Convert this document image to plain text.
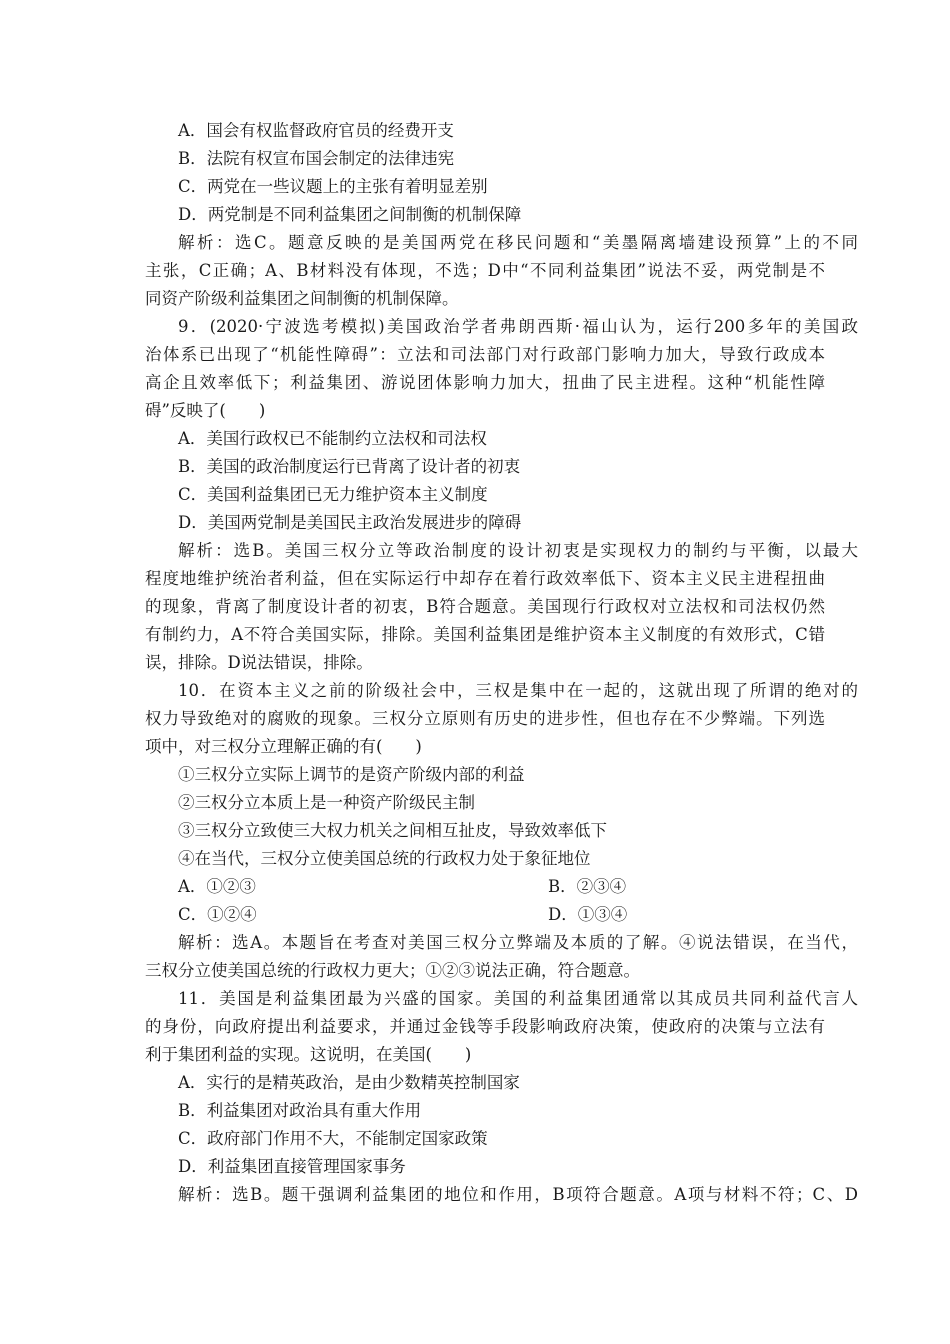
A．国会有权监督政府官员的经费开支
B．法院有权宣布国会制定的法律违宪
C．两党在一些议题上的主张有着明显差别
D．两党制是不同利益集团之间制衡的机制保障
解析：选C。题意反映的是美国两党在移民问题和“美墨隔离墙建设预算”上的不同
主张，C正确；A、B材料没有体现，不选；D中“不同利益集团”说法不妥，两党制是不
同资产阶级利益集团之间制衡的机制保障。
9．(2020·宁波选考模拟)美国政治学者弗朗西斯·福山认为，运行200多年的美国政
治体系已出现了“机能性障碍”：立法和司法部门对行政部门影响力加大，导致行政成本
高企且效率低下；利益集团、游说团体影响力加大，扭曲了民主进程。这种“机能性障
碍”反映了(　　)
A．美国行政权已不能制约立法权和司法权
B．美国的政治制度运行已背离了设计者的初衷
C．美国利益集团已无力维护资本主义制度
D．美国两党制是美国民主政治发展进步的障碍
解析：选B。美国三权分立等政治制度的设计初衷是实现权力的制约与平衡，以最大
程度地维护统治者利益，但在实际运行中却存在着行政效率低下、资本主义民主进程扭曲
的现象，背离了制度设计者的初衷，B符合题意。美国现行行政权对立法权和司法权仍然
有制约力，A不符合美国实际，排除。美国利益集团是维护资本主义制度的有效形式，C错
误，排除。D说法错误，排除。
10．在资本主义之前的阶级社会中，三权是集中在一起的，这就出现了所谓的绝对的
权力导致绝对的腐败的现象。三权分立原则有历史的进步性，但也存在不少弊端。下列选
项中，对三权分立理解正确的有(　　)
①三权分立实际上调节的是资产阶级内部的利益
②三权分立本质上是一种资产阶级民主制
③三权分立致使三大权力机关之间相互扯皮，导致效率低下
④在当代，三权分立使美国总统的行政权力处于象征地位
A．①②③	B．②③④
C．①②④	D．①③④
解析：选A。本题旨在考查对美国三权分立弊端及本质的了解。④说法错误，在当代，
三权分立使美国总统的行政权力更大；①②③说法正确，符合题意。
11．美国是利益集团最为兴盛的国家。美国的利益集团通常以其成员共同利益代言人
的身份，向政府提出利益要求，并通过金钱等手段影响政府决策，使政府的决策与立法有
利于集团利益的实现。这说明，在美国(　　)
A．实行的是精英政治，是由少数精英控制国家
B．利益集团对政治具有重大作用
C．政府部门作用不大，不能制定国家政策
D．利益集团直接管理国家事务
解析：选B。题干强调利益集团的地位和作用，B项符合题意。A项与材料不符；C、D
